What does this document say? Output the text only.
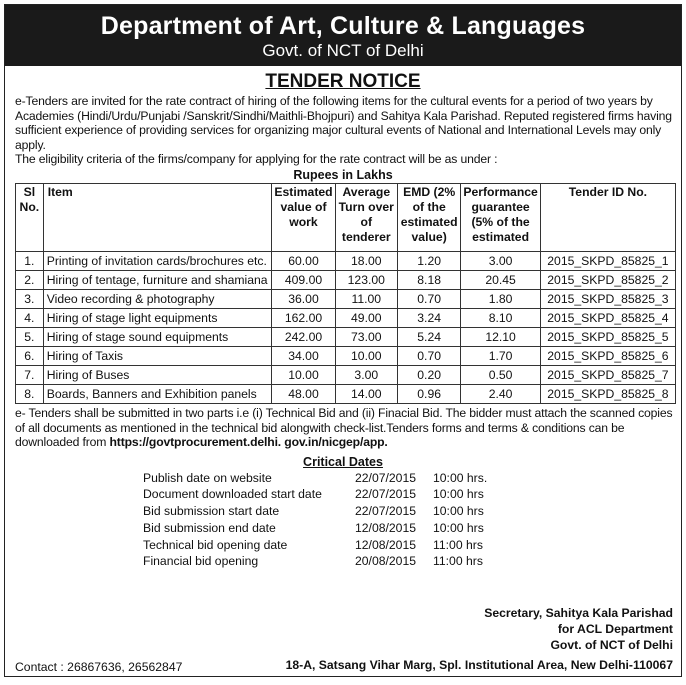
Department of Art, Culture & Languages
Govt. of NCT of Delhi
TENDER NOTICE
e-Tenders are invited for the rate contract of hiring of the following items for the cultural events for a period of two years by Academies (Hindi/Urdu/Punjabi /Sanskrit/Sindhi/Maithli-Bhojpuri) and Sahitya Kala Parishad. Reputed registered firms having sufficient experience of providing services for organizing major cultural events of National and International Levels may only apply.
The eligibility criteria of the firms/company for applying for the rate contract will be as under :
Rupees in Lakhs
Sl No.	Item	Estimated value of work	Average Turn over of tenderer	EMD (2% of the estimated value)	Performance guarantee (5% of the estimated	Tender ID No.
1.	Printing of invitation cards/brochures etc.	60.00	18.00	1.20	3.00	2015_SKPD_85825_1
2.	Hiring of tentage, furniture and shamiana	409.00	123.00	8.18	20.45	2015_SKPD_85825_2
3.	Video recording & photography	36.00	11.00	0.70	1.80	2015_SKPD_85825_3
4.	Hiring of stage light equipments	162.00	49.00	3.24	8.10	2015_SKPD_85825_4
5.	Hiring of stage sound equipments	242.00	73.00	5.24	12.10	2015_SKPD_85825_5
6.	Hiring of Taxis	34.00	10.00	0.70	1.70	2015_SKPD_85825_6
7.	Hiring of Buses	10.00	3.00	0.20	0.50	2015_SKPD_85825_7
8.	Boards, Banners and Exhibition panels	48.00	14.00	0.96	2.40	2015_SKPD_85825_8
e- Tenders shall be submitted in two parts i.e (i) Technical Bid and (ii) Finacial Bid. The bidder must attach the scanned copies of all documents as mentioned in the technical bid alongwith check-list.Tenders forms and terms & conditions can be downloaded from https://govtprocurement.delhi. gov.in/nicgep/app.
Critical Dates
Publish date on website	22/07/2015	10:00 hrs.
Document downloaded start date	22/07/2015	10:00 hrs
Bid submission start date	22/07/2015	10:00 hrs
Bid submission end date	12/08/2015	10:00 hrs
Technical bid opening date	12/08/2015	11:00 hrs
Financial bid opening	20/08/2015	11:00 hrs
Secretary, Sahitya Kala Parishad
for ACL Department
Govt. of NCT of Delhi
Contact : 26867636, 26562847	18-A, Satsang Vihar Marg, Spl. Institutional Area, New Delhi-110067
